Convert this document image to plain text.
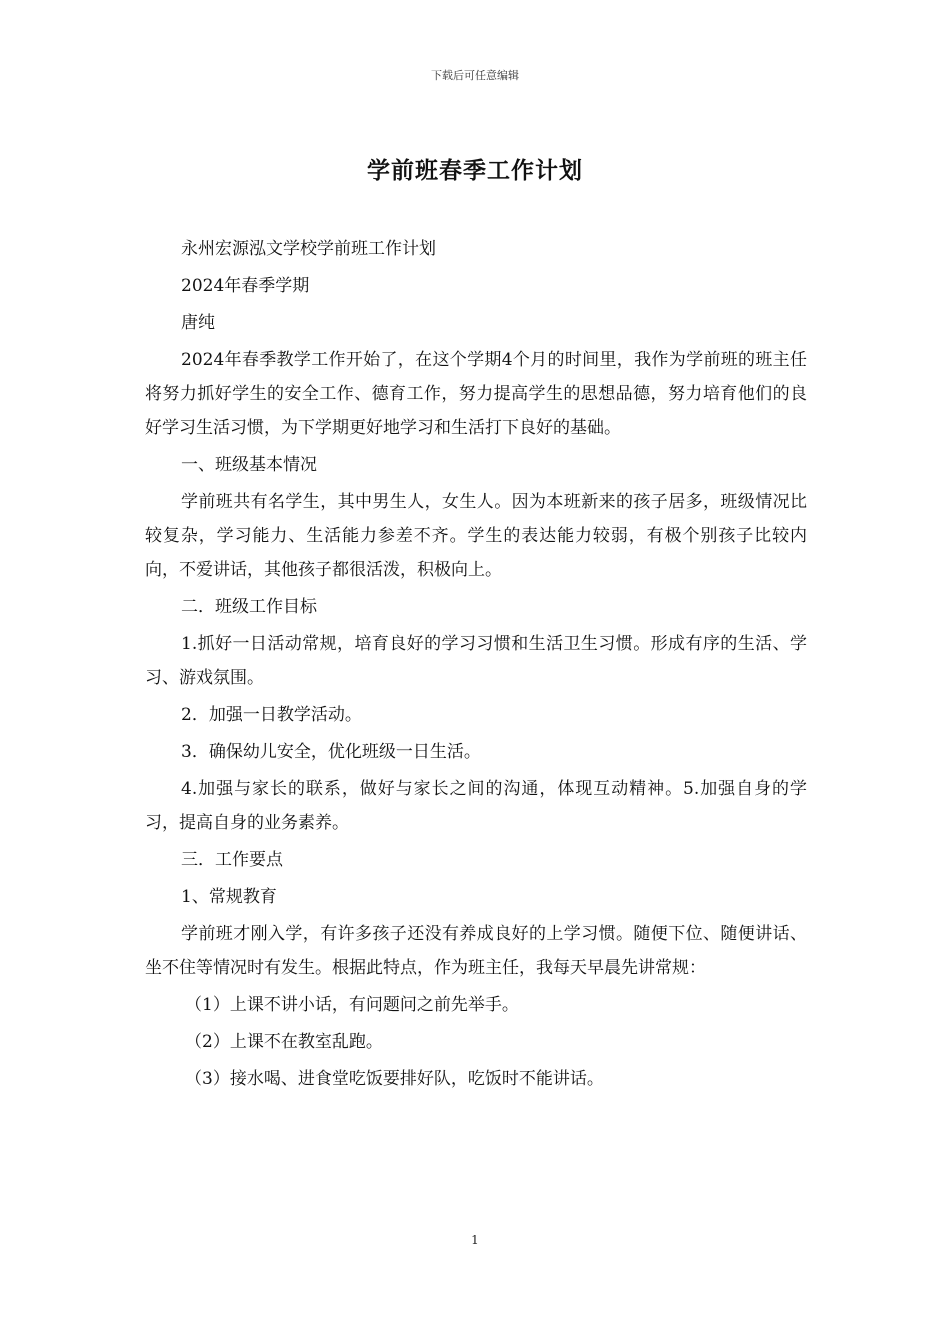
下载后可任意编辑
学前班春季工作计划

永州宏源泓文学校学前班工作计划

2024年春季学期

唐纯

2024年春季教学工作开始了，在这个学期4个月的时间里，我作为学前班的班主任将努力抓好学生的安全工作、德育工作，努力提高学生的思想品德，努力培育他们的良好学习生活习惯，为下学期更好地学习和生活打下良好的基础。

一、班级基本情况

学前班共有名学生，其中男生人，女生人。因为本班新来的孩子居多，班级情况比较复杂，学习能力、生活能力参差不齐。学生的表达能力较弱，有极个别孩子比较内向，不爱讲话，其他孩子都很活泼，积极向上。

二．班级工作目标

1.抓好一日活动常规，培育良好的学习习惯和生活卫生习惯。形成有序的生活、学习、游戏氛围。

2．加强一日教学活动。

3．确保幼儿安全，优化班级一日生活。

4.加强与家长的联系，做好与家长之间的沟通，体现互动精神。5.加强自身的学习，提高自身的业务素养。

三．工作要点

1、常规教育

学前班才刚入学，有许多孩子还没有养成良好的上学习惯。随便下位、随便讲话、坐不住等情况时有发生。根据此特点，作为班主任，我每天早晨先讲常规：

（1）上课不讲小话，有问题问之前先举手。

（2）上课不在教室乱跑。

（3）接水喝、进食堂吃饭要排好队，吃饭时不能讲话。

1
